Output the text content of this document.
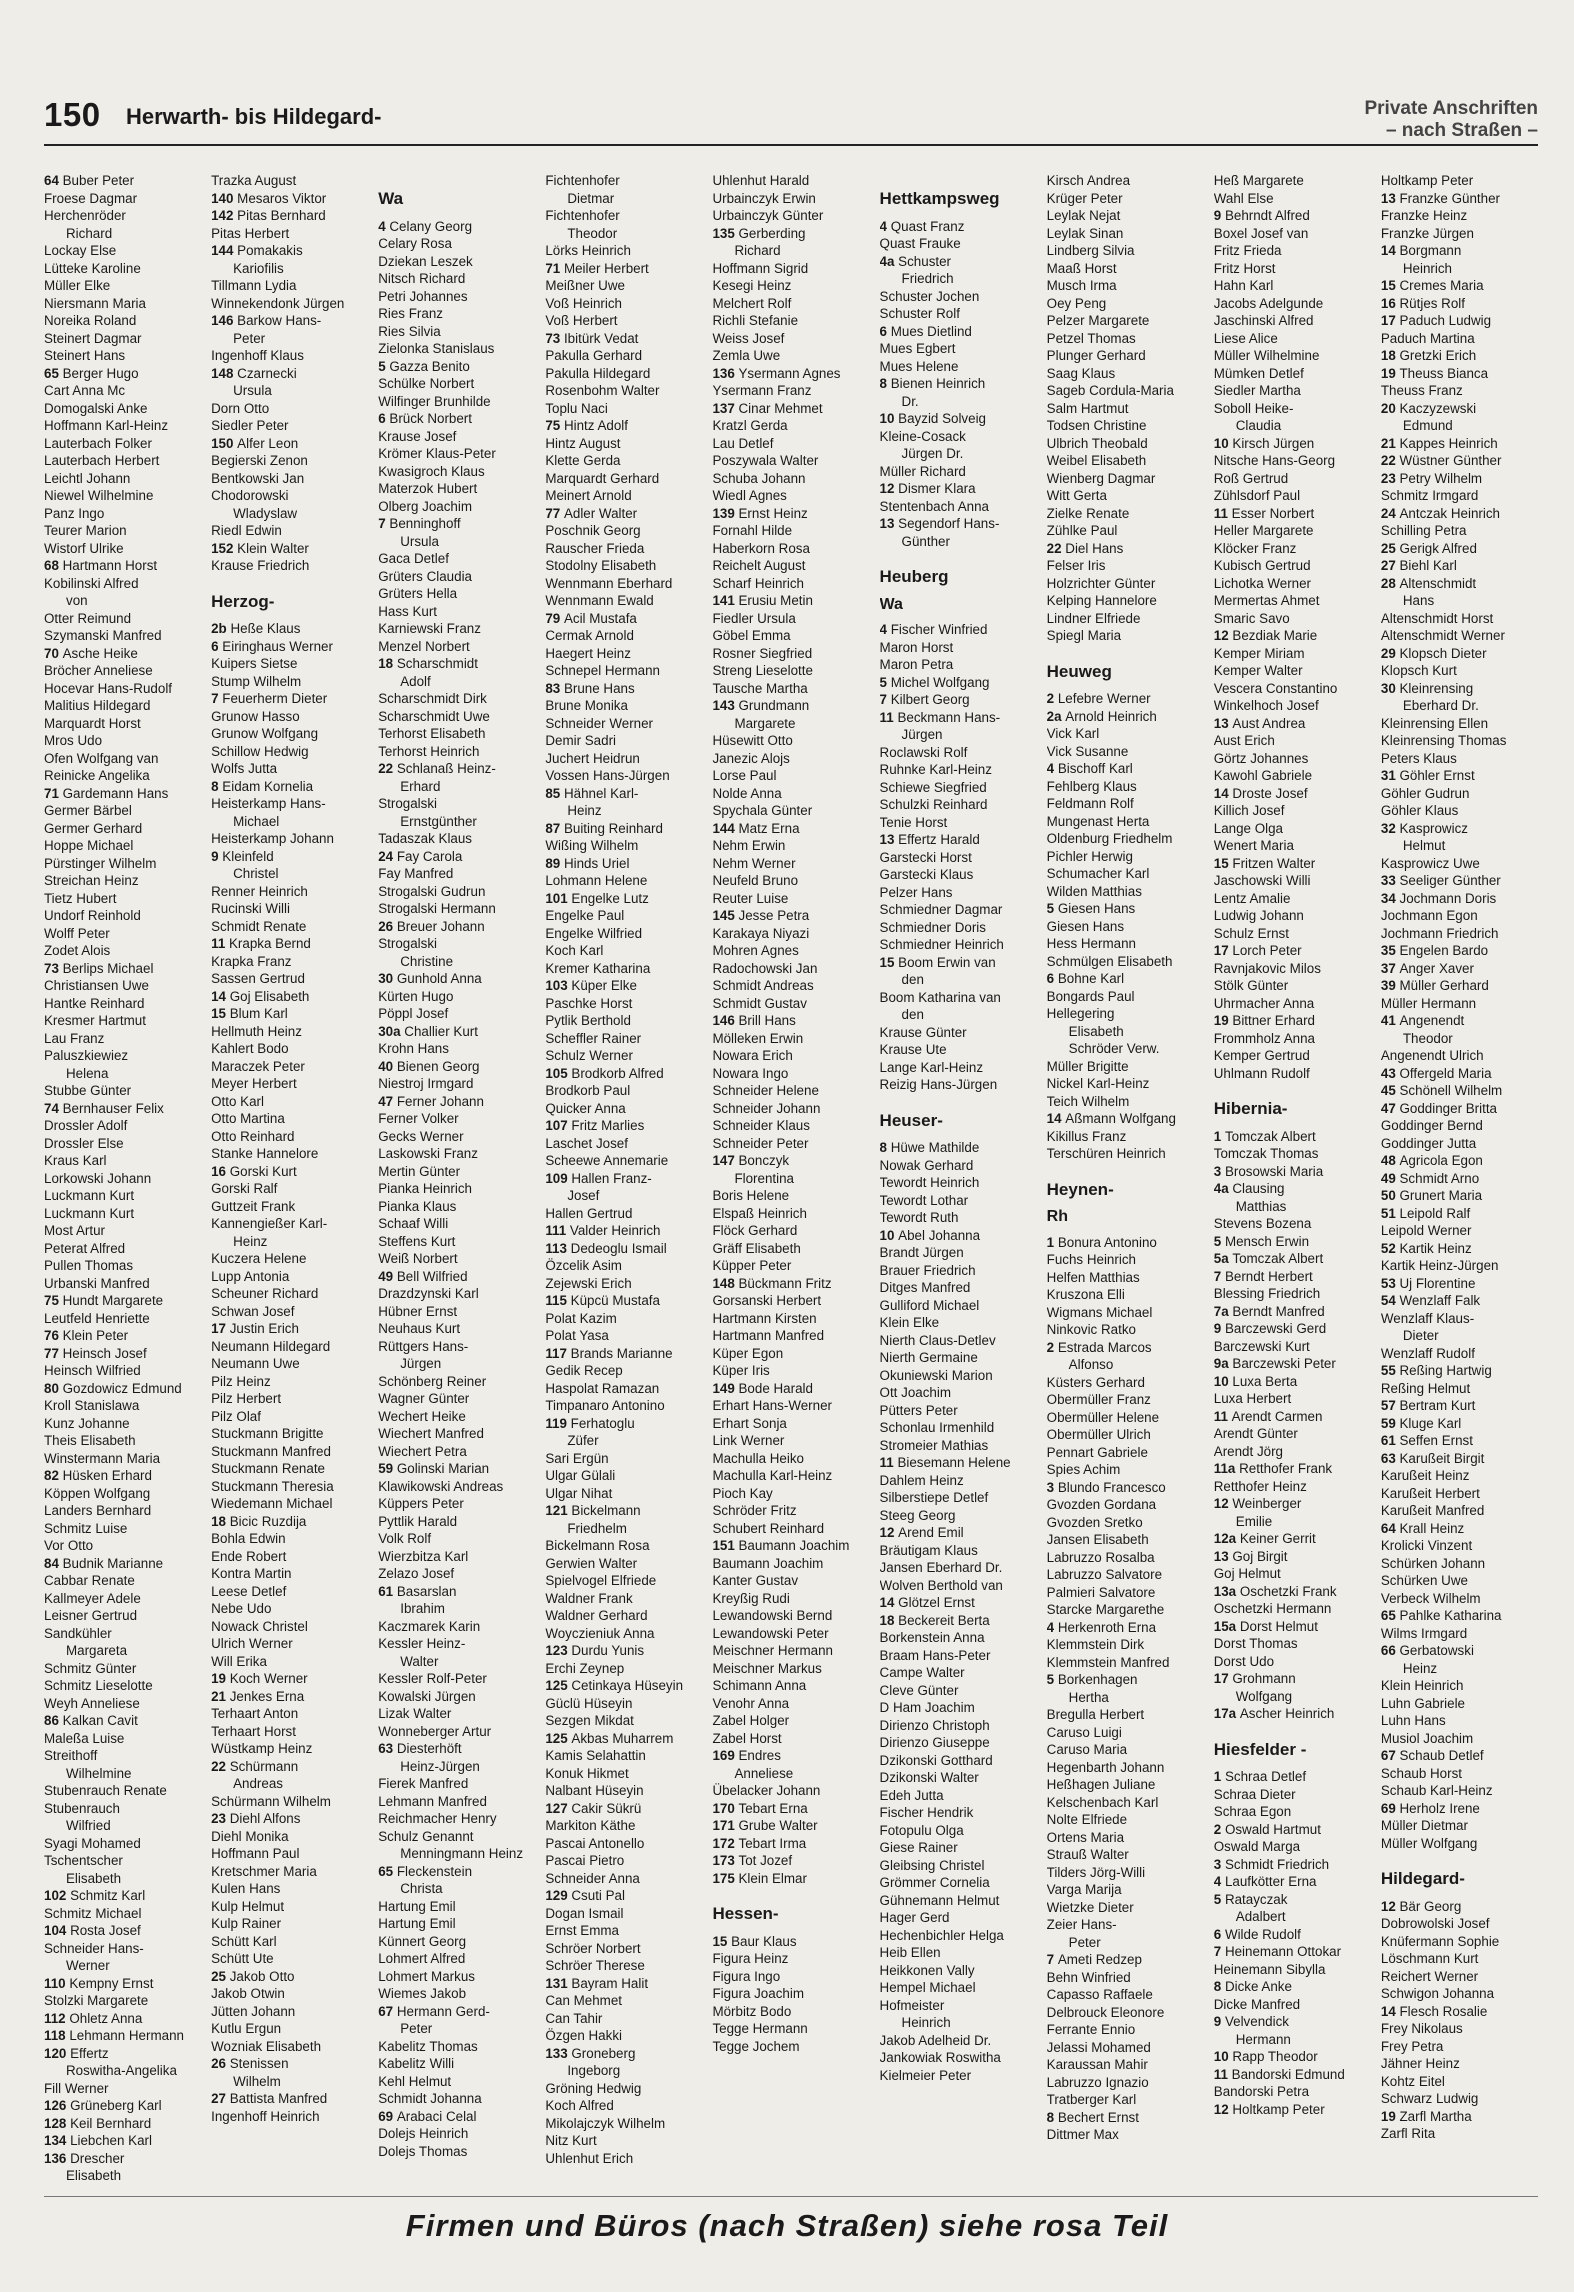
150 Herwarth- bis Hildegard-	Private Anschriften
– nach Straßen –
64 Buber Peter
Froese Dagmar
Herchenröder
Richard
Lockay Else
Lütteke Karoline
Müller Elke
Niersmann Maria
Noreika Roland
Steinert Dagmar
Steinert Hans
65 Berger Hugo
Cart Anna Mc
Domogalski Anke
Hoffmann Karl-Heinz
Lauterbach Folker
Lauterbach Herbert
Leichtl Johann
Niewel Wilhelmine
Panz Ingo
Teurer Marion
Wistorf Ulrike
68 Hartmann Horst
Kobilinski Alfred
von
Otter Reimund
Szymanski Manfred
70 Asche Heike
Bröcher Anneliese
Hocevar Hans-Rudolf
Malitius Hildegard
Marquardt Horst
Mros Udo
Ofen Wolfgang van
Reinicke Angelika
71 Gardemann Hans
Germer Bärbel
Germer Gerhard
Hoppe Michael
Pürstinger Wilhelm
Streichan Heinz
Tietz Hubert
Undorf Reinhold
Wolff Peter
Zodet Alois
73 Berlips Michael
Christiansen Uwe
Hantke Reinhard
Kresmer Hartmut
Lau Franz
Paluszkiewiez
Helena
Stubbe Günter
74 Bernhauser Felix
Drossler Adolf
Drossler Else
Kraus Karl
Lorkowski Johann
Luckmann Kurt
Luckmann Kurt
Most Artur
Peterat Alfred
Pullen Thomas
Urbanski Manfred
75 Hundt Margarete
Leutfeld Henriette
76 Klein Peter
77 Heinsch Josef
Heinsch Wilfried
80 Gozdowicz Edmund
Kroll Stanislawa
Kunz Johanne
Theis Elisabeth
Winstermann Maria
82 Hüsken Erhard
Köppen Wolfgang
Landers Bernhard
Schmitz Luise
Vor Otto
84 Budnik Marianne
Cabbar Renate
Kallmeyer Adele
Leisner Gertrud
Sandkühler
Margareta
Schmitz Günter
Schmitz Lieselotte
Weyh Anneliese
86 Kalkan Cavit
Maleßa Luise
Streithoff
Wilhelmine
Stubenrauch Renate
Stubenrauch
Wilfried
Syagi Mohamed
Tschentscher
Elisabeth
102 Schmitz Karl
Schmitz Michael
104 Rosta Josef
Schneider Hans-
Werner
110 Kempny Ernst
Stolzki Margarete
112 Ohletz Anna
118 Lehmann Hermann
120 Effertz
Roswitha-Angelika
Fill Werner
126 Grüneberg Karl
128 Keil Bernhard
134 Liebchen Karl
136 Drescher
Elisabeth
Trazka August
140 Mesaros Viktor
142 Pitas Bernhard
Pitas Herbert
144 Pomakakis
Kariofilis
Tillmann Lydia
Winnekendonk Jürgen
146 Barkow Hans-
Peter
Ingenhoff Klaus
148 Czarnecki
Ursula
Dorn Otto
Siedler Peter
150 Alfer Leon
Begierski Zenon
Bentkowski Jan
Chodorowski
Wladyslaw
Riedl Edwin
152 Klein Walter
Krause Friedrich
Herzog-
2b Heße Klaus
6 Eiringhaus Werner
Kuipers Sietse
Stump Wilhelm
7 Feuerherm Dieter
Grunow Hasso
Grunow Wolfgang
Schillow Hedwig
Wolfs Jutta
8 Eidam Kornelia
Heisterkamp Hans-
Michael
Heisterkamp Johann
9 Kleinfeld
Christel
Renner Heinrich
Rucinski Willi
Schmidt Renate
11 Krapka Bernd
Krapka Franz
Sassen Gertrud
14 Goj Elisabeth
15 Blum Karl
Hellmuth Heinz
Kahlert Bodo
Maraczek Peter
Meyer Herbert
Otto Karl
Otto Martina
Otto Reinhard
Stanke Hannelore
16 Gorski Kurt
Gorski Ralf
Guttzeit Frank
Kannengießer Karl-
Heinz
Kuczera Helene
Lupp Antonia
Scheuner Richard
Schwan Josef
17 Justin Erich
Neumann Hildegard
Neumann Uwe
Pilz Heinz
Pilz Herbert
Pilz Olaf
Stuckmann Brigitte
Stuckmann Manfred
Stuckmann Renate
Stuckmann Theresia
Wiedemann Michael
18 Bicic Ruzdija
Bohla Edwin
Ende Robert
Kontra Martin
Leese Detlef
Nebe Udo
Nowack Christel
Ulrich Werner
Will Erika
19 Koch Werner
21 Jenkes Erna
Terhaart Anton
Terhaart Horst
Wüstkamp Heinz
22 Schürmann
Andreas
Schürmann Wilhelm
23 Diehl Alfons
Diehl Monika
Hoffmann Paul
Kretschmer Maria
Kulen Hans
Kulp Helmut
Kulp Rainer
Schütt Karl
Schütt Ute
25 Jakob Otto
Jakob Otwin
Jütten Johann
Kutlu Ergun
Wozniak Elisabeth
26 Stenissen
Wilhelm
27 Battista Manfred
Ingenhoff Heinrich
Wa
4 Celany Georg
Celary Rosa
Dziekan Leszek
Nitsch Richard
Petri Johannes
Ries Franz
Ries Silvia
Zielonka Stanislaus
5 Gazza Benito
Schülke Norbert
Wilfinger Brunhilde
6 Brück Norbert
Krause Josef
Krömer Klaus-Peter
Kwasigroch Klaus
Materzok Hubert
Olberg Joachim
7 Benninghoff
Ursula
Gaca Detlef
Grüters Claudia
Grüters Hella
Hass Kurt
Karniewski Franz
Menzel Norbert
18 Scharschmidt
Adolf
Scharschmidt Dirk
Scharschmidt Uwe
Terhorst Elisabeth
Terhorst Heinrich
22 Schlanaß Heinz-
Erhard
Strogalski
Ernstgünther
Tadaszak Klaus
24 Fay Carola
Fay Manfred
Strogalski Gudrun
Strogalski Hermann
26 Breuer Johann
Strogalski
Christine
30 Gunhold Anna
Kürten Hugo
Pöppl Josef
30a Challier Kurt
Krohn Hans
40 Bienen Georg
Niestroj Irmgard
47 Ferner Johann
Ferner Volker
Gecks Werner
Laskowski Franz
Mertin Günter
Pianka Heinrich
Pianka Klaus
Schaaf Willi
Steffens Kurt
Weiß Norbert
49 Bell Wilfried
Drazdzynski Karl
Hübner Ernst
Neuhaus Kurt
Rüttgers Hans-
Jürgen
Schönberg Reiner
Wagner Günter
Wechert Heike
Wiechert Manfred
Wiechert Petra
59 Golinski Marian
Klawikowski Andreas
Küppers Peter
Pyttlik Harald
Volk Rolf
Wierzbitza Karl
Zelazo Josef
61 Basarslan
Ibrahim
Kaczmarek Karin
Kessler Heinz-
Walter
Kessler Rolf-Peter
Kowalski Jürgen
Lizak Walter
Wonneberger Artur
63 Diesterhöft
Heinz-Jürgen
Fierek Manfred
Lehmann Manfred
Reichmacher Henry
Schulz Genannt
Menningmann Heinz
65 Fleckenstein
Christa
Hartung Emil
Hartung Emil
Künnert Georg
Lohmert Alfred
Lohmert Markus
Wiemes Jakob
67 Hermann Gerd-
Peter
Kabelitz Thomas
Kabelitz Willi
Kehl Helmut
Schmidt Johanna
69 Arabaci Celal
Dolejs Heinrich
Dolejs Thomas
Fichtenhofer
Dietmar
Fichtenhofer
Theodor
Lörks Heinrich
71 Meiler Herbert
Meißner Uwe
Voß Heinrich
Voß Herbert
73 Ibitürk Vedat
Pakulla Gerhard
Pakulla Hildegard
Rosenbohm Walter
Toplu Naci
75 Hintz Adolf
Hintz August
Klette Gerda
Marquardt Gerhard
Meinert Arnold
77 Adler Walter
Poschnik Georg
Rauscher Frieda
Stodolny Elisabeth
Wennmann Eberhard
Wennmann Ewald
79 Acil Mustafa
Cermak Arnold
Haegert Heinz
Schnepel Hermann
83 Brune Hans
Brune Monika
Schneider Werner
Demir Sadri
Juchert Heidrun
Vossen Hans-Jürgen
85 Hähnel Karl-
Heinz
87 Buiting Reinhard
Wißing Wilhelm
89 Hinds Uriel
Lohmann Helene
101 Engelke Lutz
Engelke Paul
Engelke Wilfried
Koch Karl
Kremer Katharina
103 Küper Elke
Paschke Horst
Pytlik Berthold
Scheffler Rainer
Schulz Werner
105 Brodkorb Alfred
Brodkorb Paul
Quicker Anna
107 Fritz Marlies
Laschet Josef
Scheewe Annemarie
109 Hallen Franz-
Josef
Hallen Gertrud
111 Valder Heinrich
113 Dedeoglu Ismail
Özcelik Asim
Zejewski Erich
115 Küpcü Mustafa
Polat Kazim
Polat Yasa
117 Brands Marianne
Gedik Recep
Haspolat Ramazan
Timpanaro Antonino
119 Ferhatoglu
Züfer
Sari Ergün
Ulgar Gülali
Ulgar Nihat
121 Bickelmann
Friedhelm
Bickelmann Rosa
Gerwien Walter
Spielvogel Elfriede
Waldner Frank
Waldner Gerhard
Woyczieniuk Anna
123 Durdu Yunis
Erchi Zeynep
125 Cetinkaya Hüseyin
Güclü Hüseyin
Sezgen Mikdat
125 Akbas Muharrem
Kamis Selahattin
Konuk Hikmet
Nalbant Hüseyin
127 Cakir Sükrü
Markiton Käthe
Pascai Antonello
Pascai Pietro
Schneider Anna
129 Csuti Pal
Dogan Ismail
Ernst Emma
Schröer Norbert
Schröer Therese
131 Bayram Halit
Can Mehmet
Can Tahir
Özgen Hakki
133 Groneberg
Ingeborg
Gröning Hedwig
Koch Alfred
Mikolajczyk Wilhelm
Nitz Kurt
Uhlenhut Erich
Uhlenhut Harald
Urbainczyk Erwin
Urbainczyk Günter
135 Gerberding
Richard
Hoffmann Sigrid
Kesegi Heinz
Melchert Rolf
Richli Stefanie
Weiss Josef
Zemla Uwe
136 Ysermann Agnes
Ysermann Franz
137 Cinar Mehmet
Kratzl Gerda
Lau Detlef
Poszywala Walter
Schuba Johann
Wiedl Agnes
139 Ernst Heinz
Fornahl Hilde
Haberkorn Rosa
Reichelt August
Scharf Heinrich
141 Erusiu Metin
Fiedler Ursula
Göbel Emma
Rosner Siegfried
Streng Lieselotte
Tausche Martha
143 Grundmann
Margarete
Hüsewitt Otto
Janezic Alojs
Lorse Paul
Nolde Anna
Spychala Günter
144 Matz Erna
Nehm Erwin
Nehm Werner
Neufeld Bruno
Reuter Luise
145 Jesse Petra
Karakaya Niyazi
Mohren Agnes
Radochowski Jan
Schmidt Andreas
Schmidt Gustav
146 Brill Hans
Mölleken Erwin
Nowara Erich
Nowara Ingo
Schneider Helene
Schneider Johann
Schneider Klaus
Schneider Peter
147 Bonczyk
Florentina
Boris Helene
Elspaß Heinrich
Flöck Gerhard
Gräff Elisabeth
Küpper Peter
148 Bückmann Fritz
Gorsanski Herbert
Hartmann Kirsten
Hartmann Manfred
Küper Egon
Küper Iris
149 Bode Harald
Erhart Hans-Werner
Erhart Sonja
Link Werner
Machulla Heiko
Machulla Karl-Heinz
Pioch Kay
Schröder Fritz
Schubert Reinhard
151 Baumann Joachim
Baumann Joachim
Kanter Gustav
Kreyßig Rudi
Lewandowski Bernd
Lewandowski Peter
Meischner Hermann
Meischner Markus
Schimann Anna
Venohr Anna
Zabel Holger
Zabel Horst
169 Endres
Anneliese
Übelacker Johann
170 Tebart Erna
171 Grube Walter
172 Tebart Irma
173 Tot Jozef
175 Klein Elmar
Hessen-
15 Baur Klaus
Figura Heinz
Figura Ingo
Figura Joachim
Mörbitz Bodo
Tegge Hermann
Tegge Jochem
Hettkampsweg
4 Quast Franz
Quast Frauke
4a Schuster
Friedrich
Schuster Jochen
Schuster Rolf
6 Mues Dietlind
Mues Egbert
Mues Helene
8 Bienen Heinrich
Dr.
10 Bayzid Solveig
Kleine-Cosack
Jürgen Dr.
Müller Richard
12 Dismer Klara
Stentenbach Anna
13 Segendorf Hans-
Günther
Heuberg
Wa
4 Fischer Winfried
Maron Horst
Maron Petra
5 Michel Wolfgang
7 Kilbert Georg
11 Beckmann Hans-
Jürgen
Roclawski Rolf
Ruhnke Karl-Heinz
Schiewe Siegfried
Schulzki Reinhard
Tenie Horst
13 Effertz Harald
Garstecki Horst
Garstecki Klaus
Pelzer Hans
Schmiedner Dagmar
Schmiedner Doris
Schmiedner Heinrich
15 Boom Erwin van
den
Boom Katharina van
den
Krause Günter
Krause Ute
Lange Karl-Heinz
Reizig Hans-Jürgen
Heuser-
8 Hüwe Mathilde
Nowak Gerhard
Tewordt Heinrich
Tewordt Lothar
Tewordt Ruth
10 Abel Johanna
Brandt Jürgen
Brauer Friedrich
Ditges Manfred
Gulliford Michael
Klein Elke
Nierth Claus-Detlev
Nierth Germaine
Okuniewski Marion
Ott Joachim
Pütters Peter
Schonlau Irmenhild
Stromeier Mathias
11 Biesemann Helene
Dahlem Heinz
Silberstiepe Detlef
Steeg Georg
12 Arend Emil
Bräutigam Klaus
Jansen Eberhard Dr.
Wolven Berthold van
14 Glötzel Ernst
18 Beckereit Berta
Borkenstein Anna
Braam Hans-Peter
Campe Walter
Cleve Günter
D Ham Joachim
Dirienzo Christoph
Dirienzo Giuseppe
Dzikonski Gotthard
Dzikonski Walter
Edeh Jutta
Fischer Hendrik
Fotopulu Olga
Giese Rainer
Gleibsing Christel
Grömmer Cornelia
Gühnemann Helmut
Hager Gerd
Hechenbichler Helga
Heib Ellen
Heikkonen Vally
Hempel Michael
Hofmeister
Heinrich
Jakob Adelheid Dr.
Jankowiak Roswitha
Kielmeier Peter
Kirsch Andrea
Krüger Peter
Leylak Nejat
Leylak Sinan
Lindberg Silvia
Maaß Horst
Musch Irma
Oey Peng
Pelzer Margarete
Petzel Thomas
Plunger Gerhard
Saag Klaus
Sageb Cordula-Maria
Salm Hartmut
Todsen Christine
Ulbrich Theobald
Weibel Elisabeth
Wienberg Dagmar
Witt Gerta
Zielke Renate
Zühlke Paul
22 Diel Hans
Felser Iris
Holzrichter Günter
Kelping Hannelore
Lindner Elfriede
Spiegl Maria
Heuweg
2 Lefebre Werner
2a Arnold Heinrich
Vick Karl
Vick Susanne
4 Bischoff Karl
Fehlberg Klaus
Feldmann Rolf
Mungenast Herta
Oldenburg Friedhelm
Pichler Herwig
Schumacher Karl
Wilden Matthias
5 Giesen Hans
Giesen Hans
Hess Hermann
Schmülgen Elisabeth
6 Bohne Karl
Bongards Paul
Hellegering
Elisabeth
Schröder Verw.
Müller Brigitte
Nickel Karl-Heinz
Teich Wilhelm
14 Aßmann Wolfgang
Kikillus Franz
Terschüren Heinrich
Heynen-
Rh
1 Bonura Antonino
Fuchs Heinrich
Helfen Matthias
Kruszona Elli
Wigmans Michael
Ninkovic Ratko
2 Estrada Marcos
Alfonso
Küsters Gerhard
Obermüller Franz
Obermüller Helene
Obermüller Ulrich
Pennart Gabriele
Spies Achim
3 Blundo Francesco
Gvozden Gordana
Gvozden Sretko
Jansen Elisabeth
Labruzzo Rosalba
Labruzzo Salvatore
Palmieri Salvatore
Starcke Margarethe
4 Herkenroth Erna
Klemmstein Dirk
Klemmstein Manfred
5 Borkenhagen
Hertha
Bregulla Herbert
Caruso Luigi
Caruso Maria
Hegenbarth Johann
Heßhagen Juliane
Kelschenbach Karl
Nolte Elfriede
Ortens Maria
Strauß Walter
Tilders Jörg-Willi
Varga Marija
Wietzke Dieter
Zeier Hans-
Peter
7 Ameti Redzep
Behn Winfried
Capasso Raffaele
Delbrouck Eleonore
Ferrante Ennio
Jelassi Mohamed
Karaussan Mahir
Labruzzo Ignazio
Tratberger Karl
8 Bechert Ernst
Dittmer Max
Heß Margarete
Wahl Else
9 Behrndt Alfred
Boxel Josef van
Fritz Frieda
Fritz Horst
Hahn Karl
Jacobs Adelgunde
Jaschinski Alfred
Liese Alice
Müller Wilhelmine
Mümken Detlef
Siedler Martha
Soboll Heike-
Claudia
10 Kirsch Jürgen
Nitsche Hans-Georg
Roß Gertrud
Zühlsdorf Paul
11 Esser Norbert
Heller Margarete
Klöcker Franz
Kubisch Gertrud
Lichotka Werner
Mermertas Ahmet
Smaric Savo
12 Bezdiak Marie
Kemper Miriam
Kemper Walter
Vescera Constantino
Winkelhoch Josef
13 Aust Andrea
Aust Erich
Görtz Johannes
Kawohl Gabriele
14 Droste Josef
Killich Josef
Lange Olga
Wenert Maria
15 Fritzen Walter
Jaschowski Willi
Lentz Amalie
Ludwig Johann
Schulz Ernst
17 Lorch Peter
Ravnjakovic Milos
Stölk Günter
Uhrmacher Anna
19 Bittner Erhard
Frommholz Anna
Kemper Gertrud
Uhlmann Rudolf
Hibernia-
1 Tomczak Albert
Tomczak Thomas
3 Brosowski Maria
4a Clausing
Matthias
Stevens Bozena
5 Mensch Erwin
5a Tomczak Albert
7 Berndt Herbert
Blessing Friedrich
7a Berndt Manfred
9 Barczewski Gerd
Barczewski Kurt
9a Barczewski Peter
10 Luxa Berta
Luxa Herbert
11 Arendt Carmen
Arendt Günter
Arendt Jörg
11a Retthofer Frank
Retthofer Heinz
12 Weinberger
Emilie
12a Keiner Gerrit
13 Goj Birgit
Goj Helmut
13a Oschetzki Frank
Oschetzki Hermann
15a Dorst Helmut
Dorst Thomas
Dorst Udo
17 Grohmann
Wolfgang
17a Ascher Heinrich
Hiesfelder -
1 Schraa Detlef
Schraa Dieter
Schraa Egon
2 Oswald Hartmut
Oswald Marga
3 Schmidt Friedrich
4 Laufkötter Erna
5 Ratayczak
Adalbert
6 Wilde Rudolf
7 Heinemann Ottokar
Heinemann Sibylla
8 Dicke Anke
Dicke Manfred
9 Velvendick
Hermann
10 Rapp Theodor
11 Bandorski Edmund
Bandorski Petra
12 Holtkamp Peter
Holtkamp Peter
13 Franzke Günther
Franzke Heinz
Franzke Jürgen
14 Borgmann
Heinrich
15 Cremes Maria
16 Rütjes Rolf
17 Paduch Ludwig
Paduch Martina
18 Gretzki Erich
19 Theuss Bianca
Theuss Franz
20 Kaczyzewski
Edmund
21 Kappes Heinrich
22 Wüstner Günther
23 Petry Wilhelm
Schmitz Irmgard
24 Antczak Heinrich
Schilling Petra
25 Gerigk Alfred
27 Biehl Karl
28 Altenschmidt
Hans
Altenschmidt Horst
Altenschmidt Werner
29 Klopsch Dieter
Klopsch Kurt
30 Kleinrensing
Eberhard Dr.
Kleinrensing Ellen
Kleinrensing Thomas
Peters Klaus
31 Göhler Ernst
Göhler Gudrun
Göhler Klaus
32 Kasprowicz
Helmut
Kasprowicz Uwe
33 Seeliger Günther
34 Jochmann Doris
Jochmann Egon
Jochmann Friedrich
35 Engelen Bardo
37 Anger Xaver
39 Müller Gerhard
Müller Hermann
41 Angenendt
Theodor
Angenendt Ulrich
43 Offergeld Maria
45 Schönell Wilhelm
47 Goddinger Britta
Goddinger Bernd
Goddinger Jutta
48 Agricola Egon
49 Schmidt Arno
50 Grunert Maria
51 Leipold Ralf
Leipold Werner
52 Kartik Heinz
Kartik Heinz-Jürgen
53 Uj Florentine
54 Wenzlaff Falk
Wenzlaff Klaus-
Dieter
Wenzlaff Rudolf
55 Reßing Hartwig
Reßing Helmut
57 Bertram Kurt
59 Kluge Karl
61 Seffen Ernst
63 Karußeit Birgit
Karußeit Heinz
Karußeit Herbert
Karußeit Manfred
64 Krall Heinz
Krolicki Vinzent
Schürken Johann
Schürken Uwe
Verbeck Wilhelm
65 Pahlke Katharina
Wilms Irmgard
66 Gerbatowski
Heinz
Klein Heinrich
Luhn Gabriele
Luhn Hans
Musiol Joachim
67 Schaub Detlef
Schaub Horst
Schaub Karl-Heinz
69 Herholz Irene
Müller Dietmar
Müller Wolfgang
Hildegard-
12 Bär Georg
Dobrowolski Josef
Knüfermann Sophie
Löschmann Kurt
Reichert Werner
Schwigon Johanna
14 Flesch Rosalie
Frey Nikolaus
Frey Petra
Jähner Heinz
Kohtz Eitel
Schwarz Ludwig
19 Zarfl Martha
Zarfl Rita
Firmen und Büros (nach Straßen) siehe rosa Teil
